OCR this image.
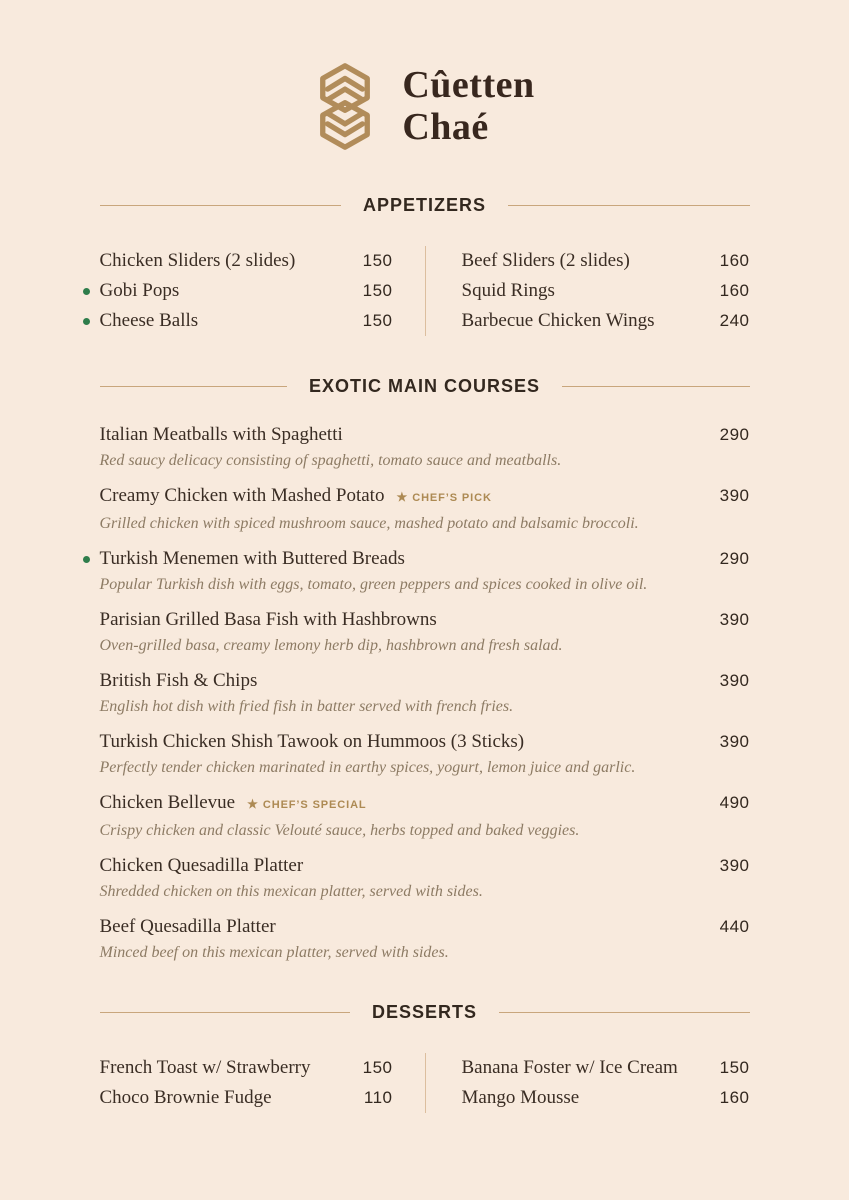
Cûetten
Chaé
APPETIZERS
Chicken Sliders (2 slides)	150
Gobi Pops	150
Cheese Balls	150
Beef Sliders (2 slides)	160
Squid Rings	160
Barbecue Chicken Wings	240
EXOTIC MAIN COURSES
Italian Meatballs with Spaghetti	290
Red saucy delicacy consisting of spaghetti, tomato sauce and meatballs.
Creamy Chicken with Mashed Potato ★ CHEF’S PICK	390
Grilled chicken with spiced mushroom sauce, mashed potato and balsamic broccoli.
Turkish Menemen with Buttered Breads	290
Popular Turkish dish with eggs, tomato, green peppers and spices cooked in olive oil.
Parisian Grilled Basa Fish with Hashbrowns	390
Oven-grilled basa, creamy lemony herb dip, hashbrown and fresh salad.
British Fish & Chips	390
English hot dish with fried fish in batter served with french fries.
Turkish Chicken Shish Tawook on Hummoos (3 Sticks)	390
Perfectly tender chicken marinated in earthy spices, yogurt, lemon juice and garlic.
Chicken Bellevue ★ CHEF’S SPECIAL	490
Crispy chicken and classic Velouté sauce, herbs topped and baked veggies.
Chicken Quesadilla Platter	390
Shredded chicken on this mexican platter, served with sides.
Beef Quesadilla Platter	440
Minced beef on this mexican platter, served with sides.
DESSERTS
French Toast w/ Strawberry	150
Choco Brownie Fudge	110
Banana Foster w/ Ice Cream 150
Mango Mousse	160
